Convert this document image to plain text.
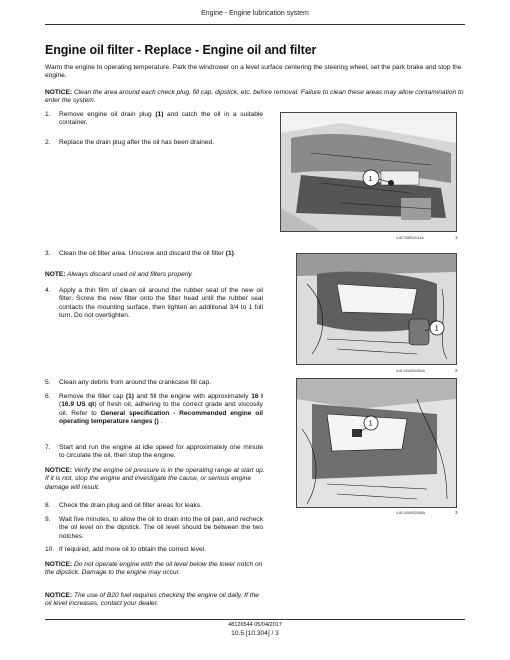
Engine - Engine lubrication system
Engine oil filter - Replace - Engine oil and filter
Warm the engine to operating temperature. Park the windrower on a level surface centering the steering wheel, set the park brake and stop the engine.
NOTICE: Clean the area around each check plug, fill cap, dipstick, etc. before removal. Failure to clean these areas may allow contamination to enter the system.
1. Remove engine oil drain plug (1) and catch the oil in a suitable container.
2. Replace the drain plug after the oil has been drained.
1
1-6LT05B02014A	1
3. Clean the oil filter area. Unscrew and discard the oil filter (1).
NOTE: Always discard used oil and filters properly.
4. Apply a thin film of clean oil around the rubber seal of the new oil filter. Screw the new filter onto the filter head until the rubber seal contacts the mounting surface, then tighten an additional 3/4 to 1 full turn. Do not overtighten.
1
4-6L14W502064A	2
5. Clean any debris from around the crankcase fill cap.
6. Remove the filler cap (1) and fill the engine with approximately 16 l (16.9 US qt) of fresh oil, adhering to the correct grade and viscosity oil. Refer to General specification - Recommended engine oil operating temperature ranges () .
7. Start and run the engine at idle speed for approximately one minute to circulate the oil, then stop the engine.
NOTICE: Verify the engine oil pressure is in the operating range at start up. If it is not, stop the engine and investigate the cause, or serious engine damage will result.
1
4-6L14W502065A	3
8. Check the drain plug and oil filter areas for leaks.
9. Wait five minutes, to allow the oil to drain into the oil pan, and recheck the oil level on the dipstick. The oil level should be between the two notches.
10. If required, add more oil to obtain the correct level.
NOTICE: Do not operate engine with the oil level below the lower notch on the dipstick. Damage to the engine may occur.
NOTICE: The use of B20 fuel requires checking the engine oil daily. If the oil level increases, contact your dealer.
48126544 05/04/2017
10.5 [10.304] / 3
